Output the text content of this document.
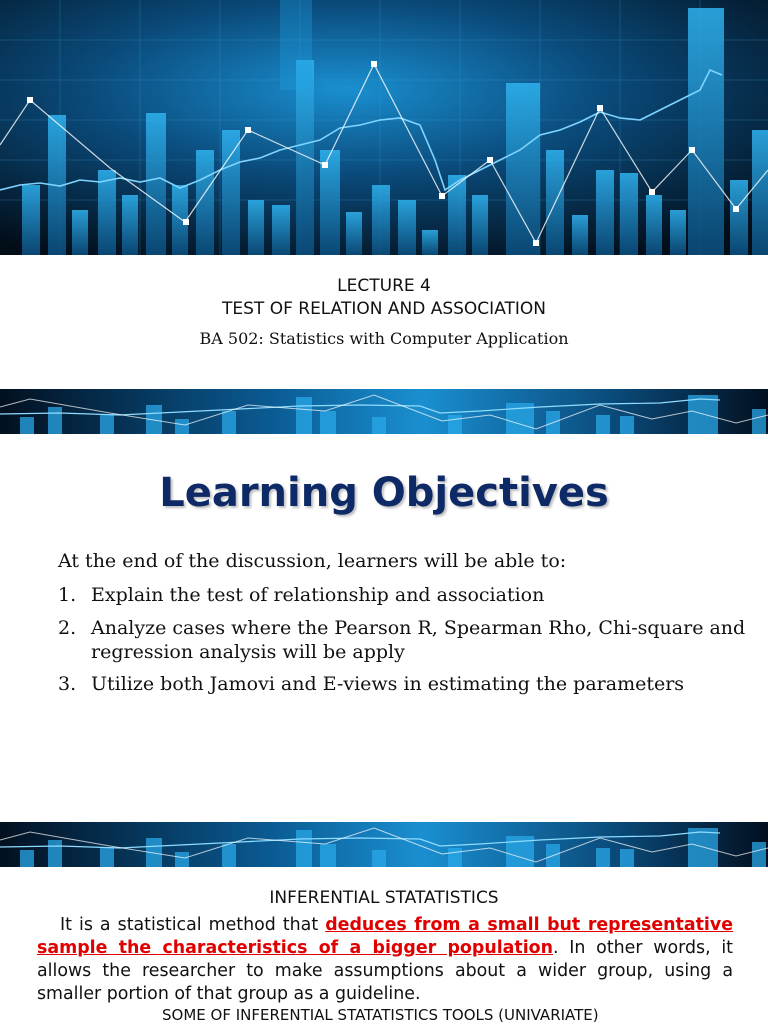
LECTURE 4
TEST OF RELATION AND ASSOCIATION
BA 502: Statistics with Computer Application
Learning Objectives
At the end of the discussion, learners will be able to:
1. Explain the test of relationship and association
2. Analyze cases where the Pearson R, Spearman Rho, Chi-square and regression analysis will be apply
3. Utilize both Jamovi and E-views in estimating the parameters
INFERENTIAL STATATISTICS
It is a statistical method that deduces from a small but representative sample the characteristics of a bigger population. In other words, it allows the researcher to make assumptions about a wider group, using a smaller portion of that group as a guideline.
SOME OF INFERENTIAL STATATISTICS TOOLS (UNIVARIATE)
